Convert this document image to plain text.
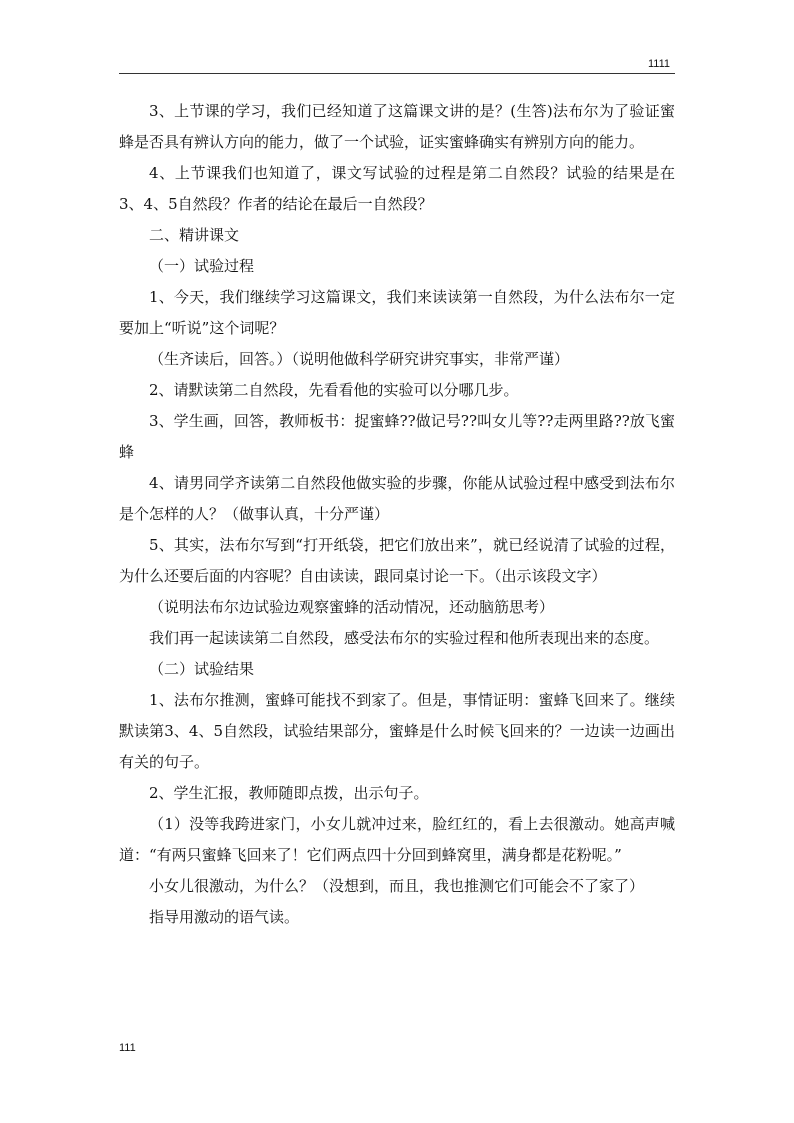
1111

3、上节课的学习，我们已经知道了这篇课文讲的是？(生答)法布尔为了验证蜜蜂是否具有辨认方向的能力，做了一个试验，证实蜜蜂确实有辨别方向的能力。

4、上节课我们也知道了，课文写试验的过程是第二自然段？试验的结果是在3、4、5自然段？作者的结论在最后一自然段？

二、精讲课文

（一）试验过程

1、今天，我们继续学习这篇课文，我们来读读第一自然段，为什么法布尔一定要加上“听说”这个词呢？

（生齐读后，回答。）（说明他做科学研究讲究事实，非常严谨）

2、请默读第二自然段，先看看他的实验可以分哪几步。

3、学生画，回答，教师板书：捉蜜蜂??做记号??叫女儿等??走两里路??放飞蜜蜂

4、请男同学齐读第二自然段他做实验的步骤，你能从试验过程中感受到法布尔是个怎样的人？（做事认真，十分严谨）

5、其实，法布尔写到“打开纸袋，把它们放出来”，就已经说清了试验的过程，为什么还要后面的内容呢？自由读读，跟同桌讨论一下。（出示该段文字）

（说明法布尔边试验边观察蜜蜂的活动情况，还动脑筋思考）

我们再一起读读第二自然段，感受法布尔的实验过程和他所表现出来的态度。

（二）试验结果

1、法布尔推测，蜜蜂可能找不到家了。但是，事情证明：蜜蜂飞回来了。继续默读第3、4、5自然段，试验结果部分，蜜蜂是什么时候飞回来的？一边读一边画出有关的句子。

2、学生汇报，教师随即点拨，出示句子。

（1）没等我跨进家门，小女儿就冲过来，脸红红的，看上去很激动。她高声喊道：“有两只蜜蜂飞回来了！它们两点四十分回到蜂窝里，满身都是花粉呢。”

小女儿很激动，为什么？（没想到，而且，我也推测它们可能会不了家了）

指导用激动的语气读。

111
